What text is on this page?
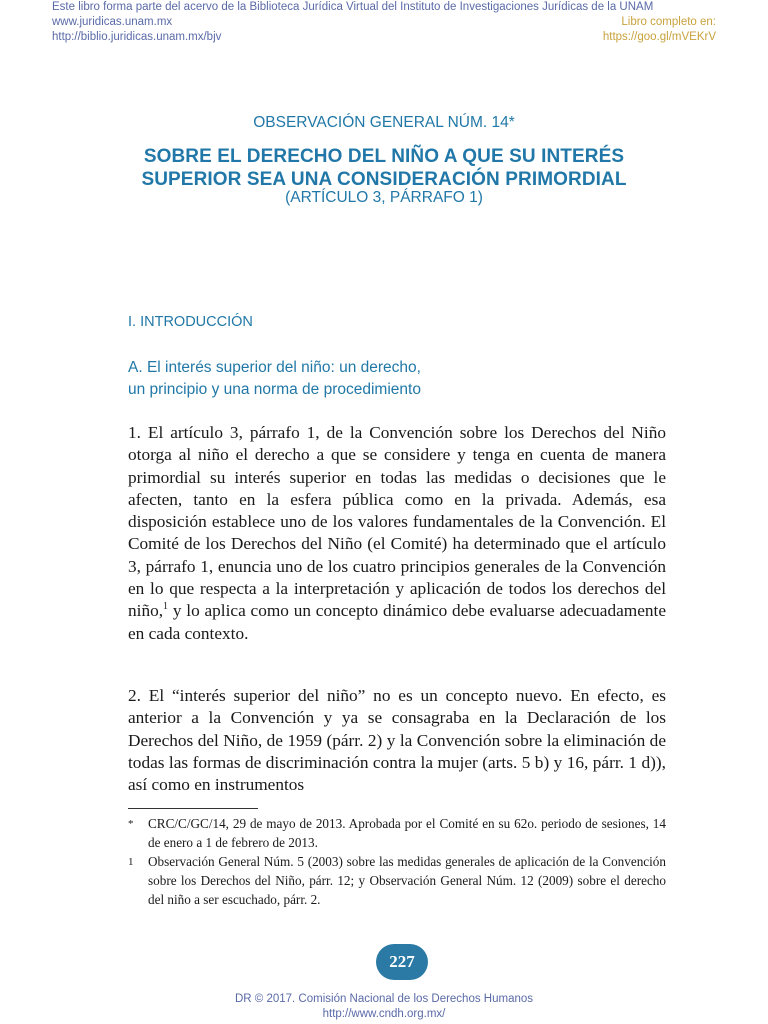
Este libro forma parte del acervo de la Biblioteca Jurídica Virtual del Instituto de Investigaciones Jurídicas de la UNAM
www.juridicas.unam.mx
http://biblio.juridicas.unam.mx/bjv
Libro completo en:
https://goo.gl/mVEKrV
OBSERVACIÓN GENERAL NÚM. 14*
SOBRE EL DERECHO DEL NIÑO A QUE SU INTERÉS
SUPERIOR SEA UNA CONSIDERACIÓN PRIMORDIAL
(ARTÍCULO 3, PÁRRAFO 1)
I. INTRODUCCIÓN
A. El interés superior del niño: un derecho,
un principio y una norma de procedimiento

1. El artículo 3, párrafo 1, de la Convención sobre los Derechos del Niño otorga al niño el derecho a que se considere y tenga en cuenta de manera primordial su interés superior en todas las medidas o decisiones que le afecten, tanto en la esfera pública como en la privada. Además, esa disposición establece uno de los valores fundamentales de la Convención. El Comité de los Derechos del Niño (el Comité) ha determinado que el artículo 3, párrafo 1, enuncia uno de los cuatro principios generales de la Convención en lo que respecta a la interpretación y aplicación de todos los derechos del niño,$^1$ y lo aplica como un concepto dinámico debe evaluarse adecuadamente en cada contexto.

2. El “interés superior del niño” no es un concepto nuevo. En efecto, es anterior a la Convención y ya se consagraba en la Declaración de los Derechos del Niño, de 1959 (párr. 2) y la Convención sobre la eliminación de todas las formas de discriminación contra la mujer (arts. 5 b) y 16, párr. 1 d)), así como en instrumentos

* CRC/C/GC/14, 29 de mayo de 2013. Aprobada por el Comité en su 62o. periodo de sesiones, 14 de enero a 1 de febrero de 2013.
1 Observación General Núm. 5 (2003) sobre las medidas generales de aplicación de la Convención sobre los Derechos del Niño, párr. 12; y Observación General Núm. 12 (2009) sobre el derecho del niño a ser escuchado, párr. 2.
227
DR © 2017. Comisión Nacional de los Derechos Humanos
http://www.cndh.org.mx/
